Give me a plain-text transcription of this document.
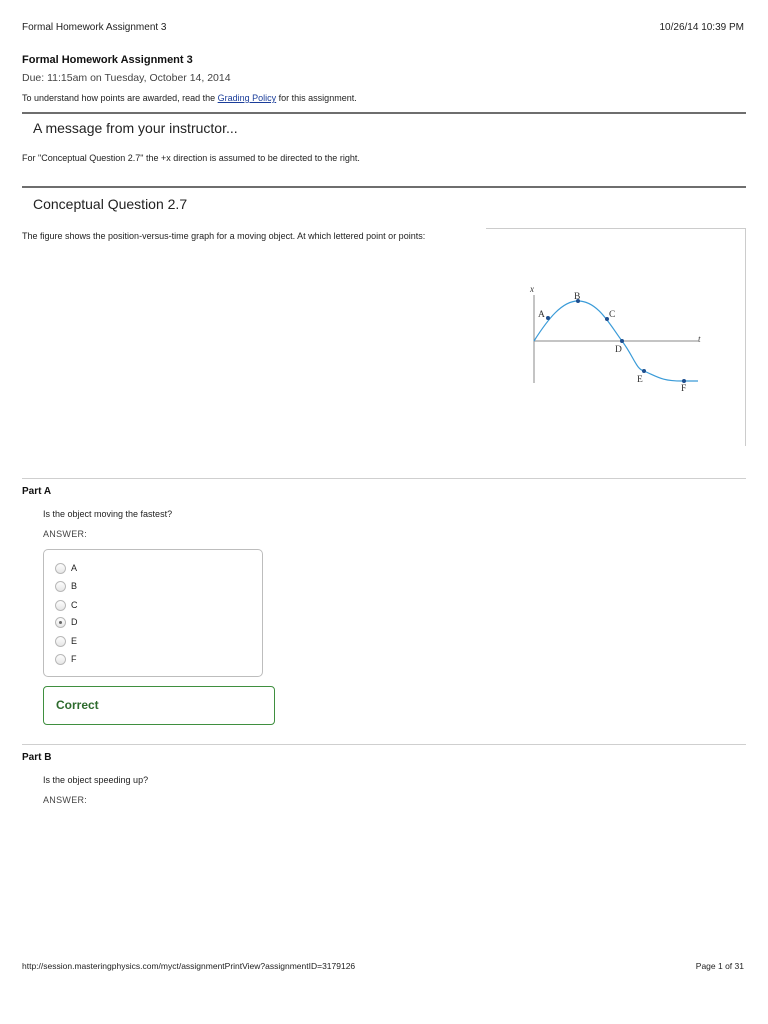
Formal Homework Assignment 3	10/26/14 10:39 PM
Formal Homework Assignment 3
Due: 11:15am on Tuesday, October 14, 2014
To understand how points are awarded, read the Grading Policy for this assignment.
A message from your instructor...
For "Conceptual Question 2.7" the +x direction is assumed to be directed to the right.
Conceptual Question 2.7
The figure shows the position-versus-time graph for a moving object. At which lettered point or points:
x
t
A
B
C
D
E
F
Part A
Is the object moving the fastest?
ANSWER:
A
B
C
D
E
F
Correct
Part B
Is the object speeding up?
ANSWER:
http://session.masteringphysics.com/myct/assignmentPrintView?assignmentID=3179126	Page 1 of 31
